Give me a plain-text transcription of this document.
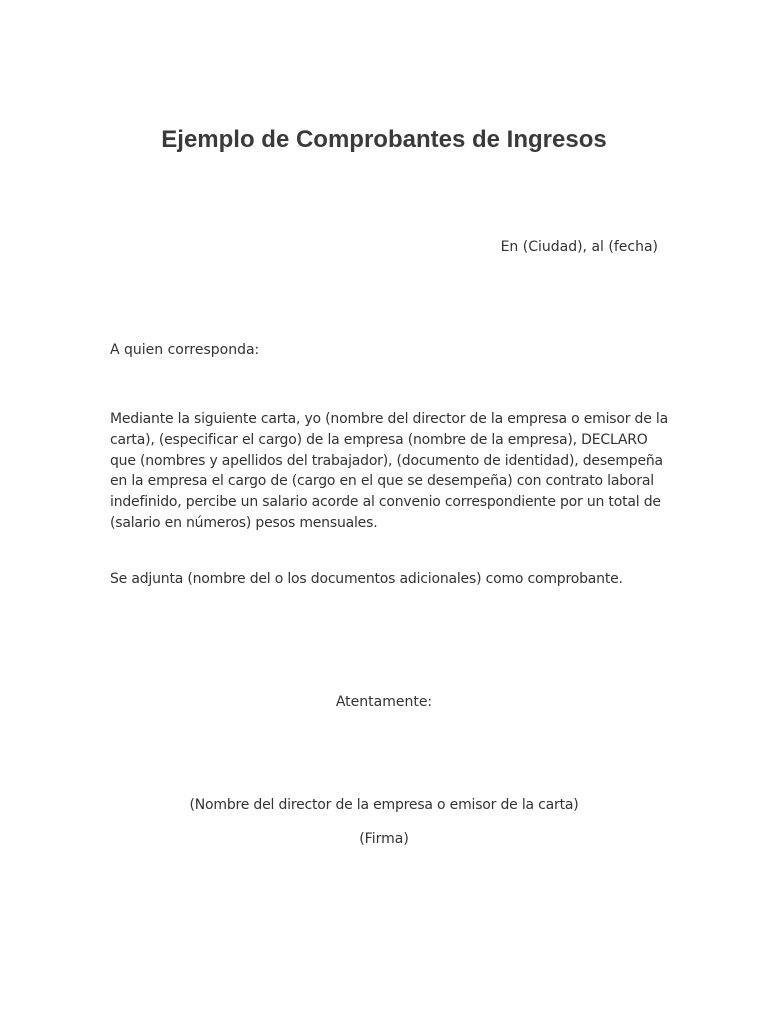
Ejemplo de Comprobantes de Ingresos
En (Ciudad), al (fecha)
A quien corresponda:

Mediante la siguiente carta, yo (nombre del director de la empresa o emisor de la carta), (especificar el cargo) de la empresa (nombre de la empresa), DECLARO que (nombres y apellidos del trabajador), (documento de identidad), desempeña en la empresa el cargo de (cargo en el que se desempeña) con contrato laboral indefinido, percibe un salario acorde al convenio correspondiente por un total de (salario en números) pesos mensuales.

Se adjunta (nombre del o los documentos adicionales) como comprobante.

Atentamente:
(Nombre del director de la empresa o emisor de la carta)
(Firma)
